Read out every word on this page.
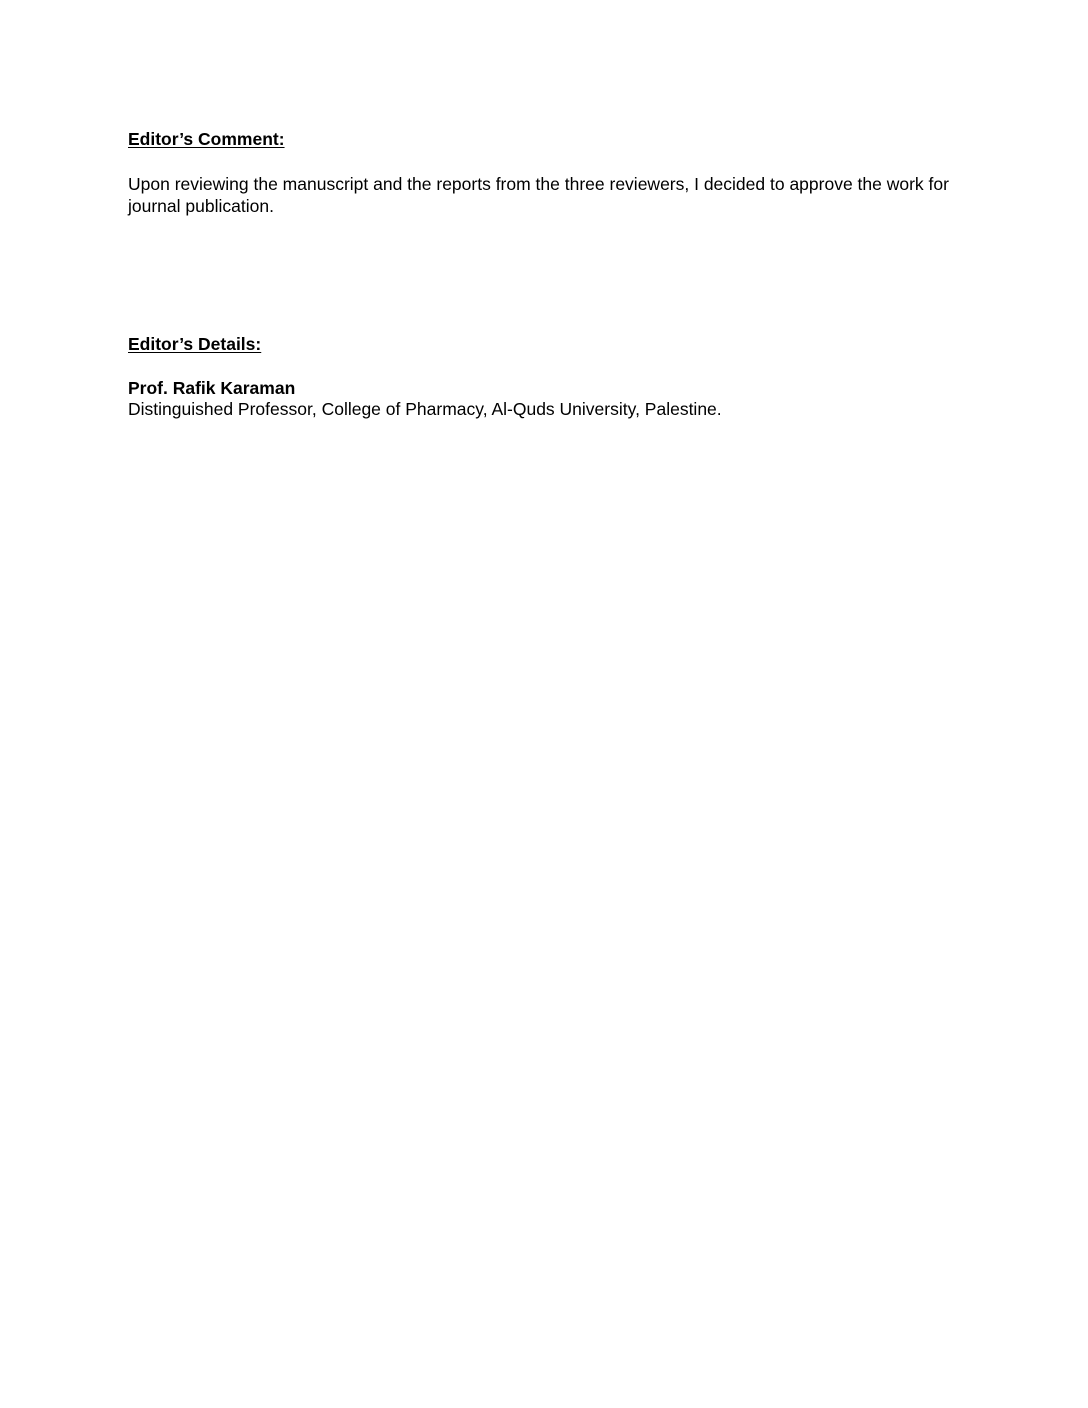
Editor’s Comment:
Upon reviewing the manuscript and the reports from the three reviewers, I decided to approve the work for journal publication.
Editor’s Details:
Prof. Rafik Karaman
Distinguished Professor, College of Pharmacy, Al-Quds University, Palestine.
